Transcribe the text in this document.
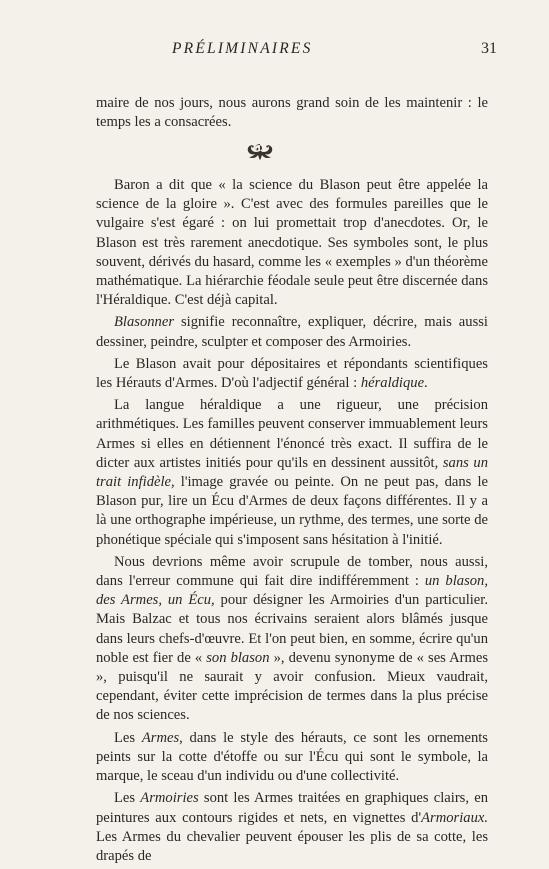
PRÉLIMINAIRES	31

maire de nos jours, nous aurons grand soin de les maintenir : le temps les a consacrées.

Baron a dit que « la science du Blason peut être appelée la science de la gloire ». C'est avec des formules pareilles que le vulgaire s'est égaré : on lui promettait trop d'anecdotes. Or, le Blason est très rarement anecdotique. Ses symboles sont, le plus souvent, dérivés du hasard, comme les « exemples » d'un théorème mathématique. La hiérarchie féodale seule peut être discernée dans l'Héraldique. C'est déjà capital.

Blasonner signifie reconnaître, expliquer, décrire, mais aussi dessiner, peindre, sculpter et composer des Armoiries.

Le Blason avait pour dépositaires et répondants scientifiques les Hérauts d'Armes. D'où l'adjectif général : héraldique.

La langue héraldique a une rigueur, une précision arithmétiques. Les familles peuvent conserver immuablement leurs Armes si elles en détiennent l'énoncé très exact. Il suffira de le dicter aux artistes initiés pour qu'ils en dessinent aussitôt, sans un trait infidèle, l'image gravée ou peinte. On ne peut pas, dans le Blason pur, lire un Écu d'Armes de deux façons différentes. Il y a là une orthographe impérieuse, un rythme, des termes, une sorte de phonétique spéciale qui s'imposent sans hésitation à l'initié.

Nous devrions même avoir scrupule de tomber, nous aussi, dans l'erreur commune qui fait dire indifféremment : un blason, des Armes, un Écu, pour désigner les Armoiries d'un particulier. Mais Balzac et tous nos écrivains seraient alors blâmés jusque dans leurs chefs-d'œuvre. Et l'on peut bien, en somme, écrire qu'un noble est fier de « son blason », devenu synonyme de « ses Armes », puisqu'il ne saurait y avoir confusion. Mieux vaudrait, cependant, éviter cette imprécision de termes dans la plus précise de nos sciences.

Les Armes, dans le style des hérauts, ce sont les ornements peints sur la cotte d'étoffe ou sur l'Écu qui sont le symbole, la marque, le sceau d'un individu ou d'une collectivité.

Les Armoiries sont les Armes traitées en graphiques clairs, en peintures aux contours rigides et nets, en vignettes d'Armoriaux. Les Armes du chevalier peuvent épouser les plis de sa cotte, les drapés de
